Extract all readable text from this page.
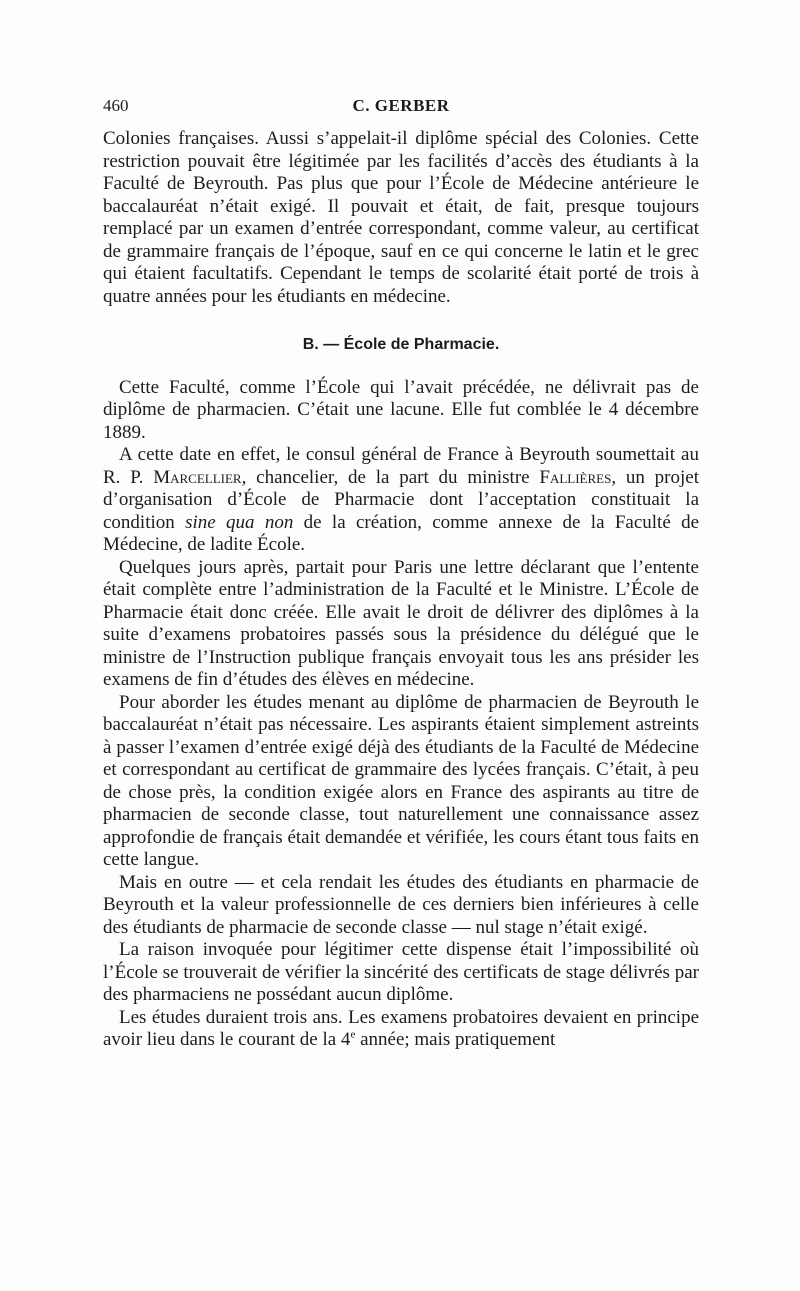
460	C. GERBER

Colonies françaises. Aussi s’appelait-il diplôme spécial des Colonies. Cette restriction pouvait être légitimée par les facilités d’accès des étudiants à la Faculté de Beyrouth. Pas plus que pour l’École de Médecine antérieure le baccalauréat n’était exigé. Il pouvait et était, de fait, presque toujours remplacé par un examen d’entrée correspondant, comme valeur, au certificat de grammaire français de l’époque, sauf en ce qui concerne le latin et le grec qui étaient facultatifs. Cependant le temps de scolarité était porté de trois à quatre années pour les étudiants en médecine.

B. — École de Pharmacie.

Cette Faculté, comme l’École qui l’avait précédée, ne délivrait pas de diplôme de pharmacien. C’était une lacune. Elle fut comblée le 4 décembre 1889.

A cette date en effet, le consul général de France à Beyrouth soumettait au R. P. Marcellier, chancelier, de la part du ministre Fallières, un projet d’organisation d’École de Pharmacie dont l’acceptation constituait la condition sine qua non de la création, comme annexe de la Faculté de Médecine, de ladite École.

Quelques jours après, partait pour Paris une lettre déclarant que l’entente était complète entre l’administration de la Faculté et le Ministre. L’École de Pharmacie était donc créée. Elle avait le droit de délivrer des diplômes à la suite d’examens probatoires passés sous la présidence du délégué que le ministre de l’Instruction publique français envoyait tous les ans présider les examens de fin d’études des élèves en médecine.

Pour aborder les études menant au diplôme de pharmacien de Beyrouth le baccalauréat n’était pas nécessaire. Les aspirants étaient simplement astreints à passer l’examen d’entrée exigé déjà des étudiants de la Faculté de Médecine et correspondant au certificat de grammaire des lycées français. C’était, à peu de chose près, la condition exigée alors en France des aspirants au titre de pharmacien de seconde classe, tout naturellement une connaissance assez approfondie de français était demandée et vérifiée, les cours étant tous faits en cette langue.

Mais en outre — et cela rendait les études des étudiants en pharmacie de Beyrouth et la valeur professionnelle de ces derniers bien inférieures à celle des étudiants de pharmacie de seconde classe — nul stage n’était exigé.

La raison invoquée pour légitimer cette dispense était l’impossibilité où l’École se trouverait de vérifier la sincérité des certificats de stage délivrés par des pharmaciens ne possédant aucun diplôme.

Les études duraient trois ans. Les examens probatoires devaient en principe avoir lieu dans le courant de la 4e année; mais pratiquement
